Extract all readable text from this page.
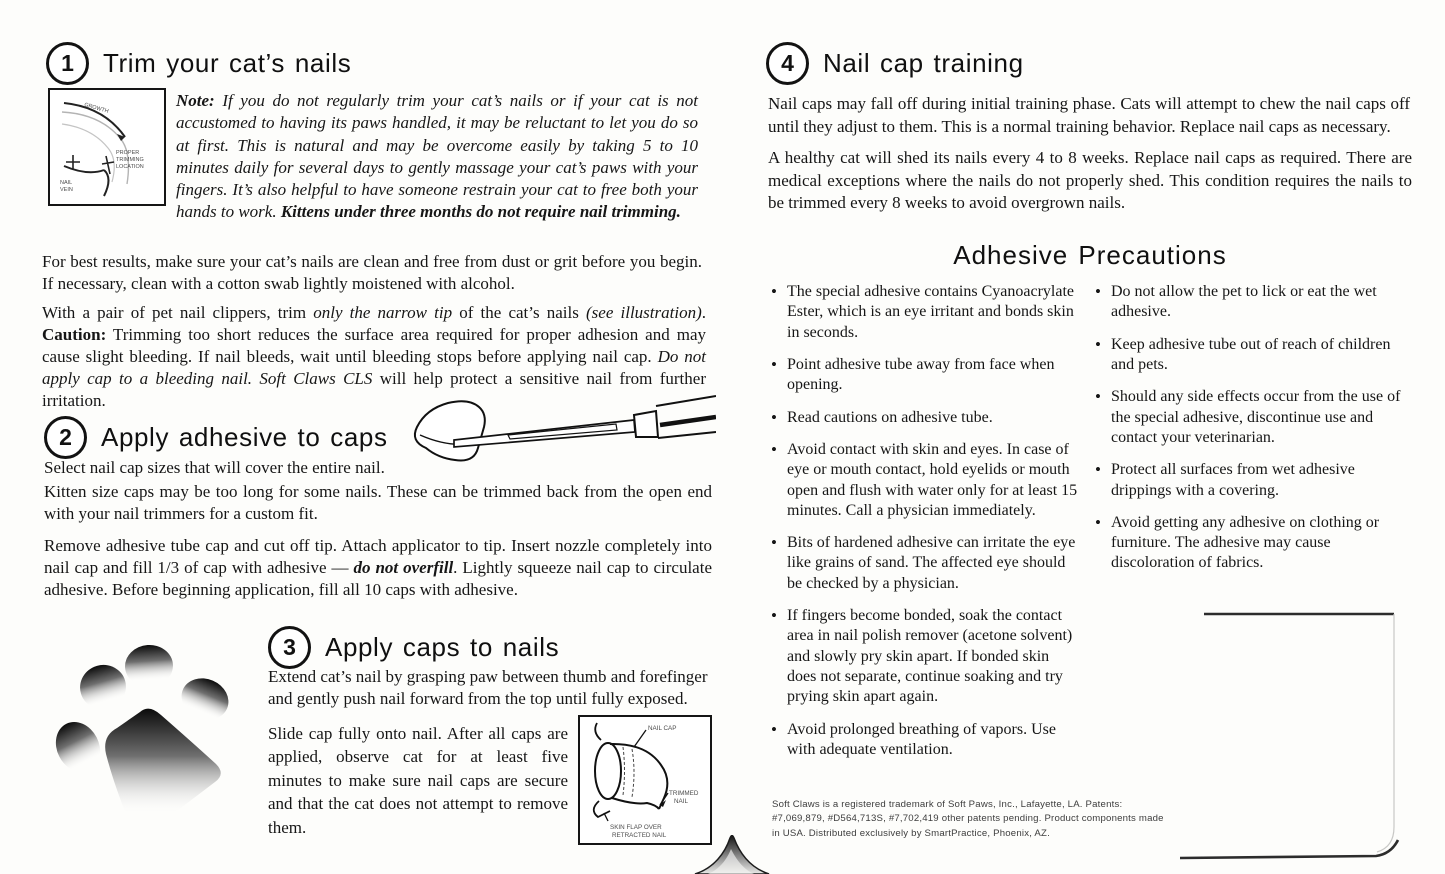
1	Trim your cat’s nails
GROWTH
PROPER
TRIMMING
LOCATION
NAIL
VEIN

Note: If you do not regularly trim your cat’s nails or if your cat is not accustomed to having its paws handled, it may be reluctant to let you do so at first. This is natural and may be overcome easily by taking 5 to 10 minutes daily for several days to gently massage your cat’s paws with your fingers. It’s also helpful to have someone restrain your cat to free both your hands to work. Kittens under three months do not require nail trimming.

For best results, make sure your cat’s nails are clean and free from dust or grit before you begin. If necessary, clean with a cotton swab lightly moistened with alcohol.

With a pair of pet nail clippers, trim only the narrow tip of the cat’s nails (see illustration). Caution: Trimming too short reduces the surface area required for proper adhesion and may cause slight bleeding. If nail bleeds, wait until bleeding stops before applying nail cap. Do not apply cap to a bleeding nail. Soft Claws CLS will help protect a sensitive nail from further irritation.

2	Apply adhesive to caps

Select nail cap sizes that will cover the entire nail.

Kitten size caps may be too long for some nails. These can be trimmed back from the open end with your nail trimmers for a custom fit.

Remove adhesive tube cap and cut off tip. Attach applicator to tip. Insert nozzle completely into nail cap and fill 1/3 of cap with adhesive — do not overfill. Lightly squeeze nail cap to circulate adhesive. Before beginning application, fill all 10 caps with adhesive.

3	Apply caps to nails

Extend cat’s nail by grasping paw between thumb and forefinger and gently push nail forward from the top until fully exposed.

Slide cap fully onto nail. After all caps are applied, observe cat for at least five minutes to make sure nail caps are secure and that the cat does not attempt to remove them.

NAIL CAP
TRIMMED
NAIL
SKIN FLAP OVER
RETRACTED NAIL
4	Nail cap training

Nail caps may fall off during initial training phase. Cats will attempt to chew the nail caps off until they adjust to them. This is a normal training behavior. Replace nail caps as necessary.

A healthy cat will shed its nails every 4 to 8 weeks. Replace nail caps as required. There are medical exceptions where the nails do not properly shed. This condition requires the nails to be trimmed every 8 weeks to avoid overgrown nails.

Adhesive Precautions
• The special adhesive contains Cyanoacrylate Ester, which is an eye irritant and bonds skin in seconds.
• Point adhesive tube away from face when opening.
• Read cautions on adhesive tube.
• Avoid contact with skin and eyes. In case of eye or mouth contact, hold eyelids or mouth open and flush with water only for at least 15 minutes. Call a physician immediately.
• Bits of hardened adhesive can irritate the eye like grains of sand. The affected eye should be checked by a physician.
• If fingers become bonded, soak the contact area in nail polish remover (acetone solvent) and slowly pry skin apart. If bonded skin does not separate, continue soaking and try prying skin apart again.
• Avoid prolonged breathing of vapors. Use with adequate ventilation.
• Do not allow the pet to lick or eat the wet adhesive.
• Keep adhesive tube out of reach of children and pets.
• Should any side effects occur from the use of the special adhesive, discontinue use and contact your veterinarian.
• Protect all surfaces from wet adhesive drippings with a covering.
• Avoid getting any adhesive on clothing or furniture. The adhesive may cause discoloration of fabrics.

Soft Claws is a registered trademark of Soft Paws, Inc., Lafayette, LA. Patents: #7,069,879, #D564,713S, #7,702,419 other patents pending. Product components made in USA. Distributed exclusively by SmartPractice, Phoenix, AZ.
